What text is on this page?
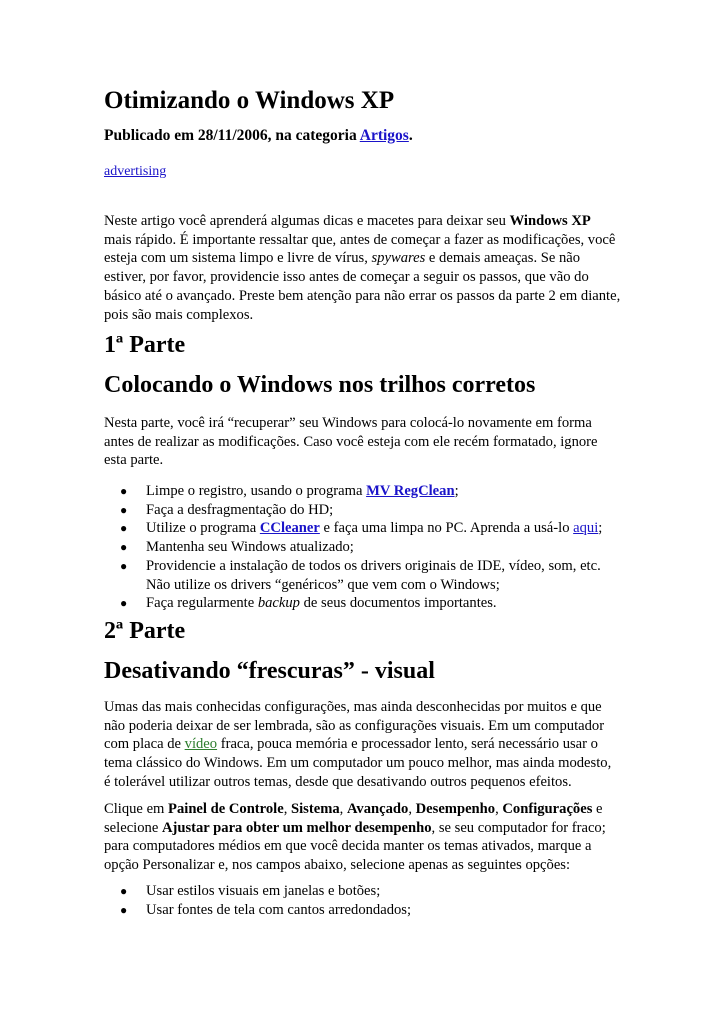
Otimizando o Windows XP
Publicado em 28/11/2006, na categoria Artigos.
advertising
Neste artigo você aprenderá algumas dicas e macetes para deixar seu Windows XP
mais rápido. É importante ressaltar que, antes de começar a fazer as modificações, você
esteja com um sistema limpo e livre de vírus, spywares e demais ameaças. Se não
estiver, por favor, providencie isso antes de começar a seguir os passos, que vão do
básico até o avançado. Preste bem atenção para não errar os passos da parte 2 em diante,
pois são mais complexos.
1ª Parte
Colocando o Windows nos trilhos corretos
Nesta parte, você irá “recuperar” seu Windows para colocá-lo novamente em forma
antes de realizar as modificações. Caso você esteja com ele recém formatado, ignore
esta parte.
● Limpe o registro, usando o programa MV RegClean;
● Faça a desfragmentação do HD;
● Utilize o programa CCleaner e faça uma limpa no PC. Aprenda a usá-lo aqui;
● Mantenha seu Windows atualizado;
● Providencie a instalação de todos os drivers originais de IDE, vídeo, som, etc.
Não utilize os drivers “genéricos” que vem com o Windows;
● Faça regularmente backup de seus documentos importantes.
2ª Parte
Desativando “frescuras” - visual
Umas das mais conhecidas configurações, mas ainda desconhecidas por muitos e que
não poderia deixar de ser lembrada, são as configurações visuais. Em um computador
com placa de vídeo fraca, pouca memória e processador lento, será necessário usar o
tema clássico do Windows. Em um computador um pouco melhor, mas ainda modesto,
é tolerável utilizar outros temas, desde que desativando outros pequenos efeitos.
Clique em Painel de Controle, Sistema, Avançado, Desempenho, Configurações e
selecione Ajustar para obter um melhor desempenho, se seu computador for fraco;
para computadores médios em que você decida manter os temas ativados, marque a
opção Personalizar e, nos campos abaixo, selecione apenas as seguintes opções:
● Usar estilos visuais em janelas e botões;
● Usar fontes de tela com cantos arredondados;
